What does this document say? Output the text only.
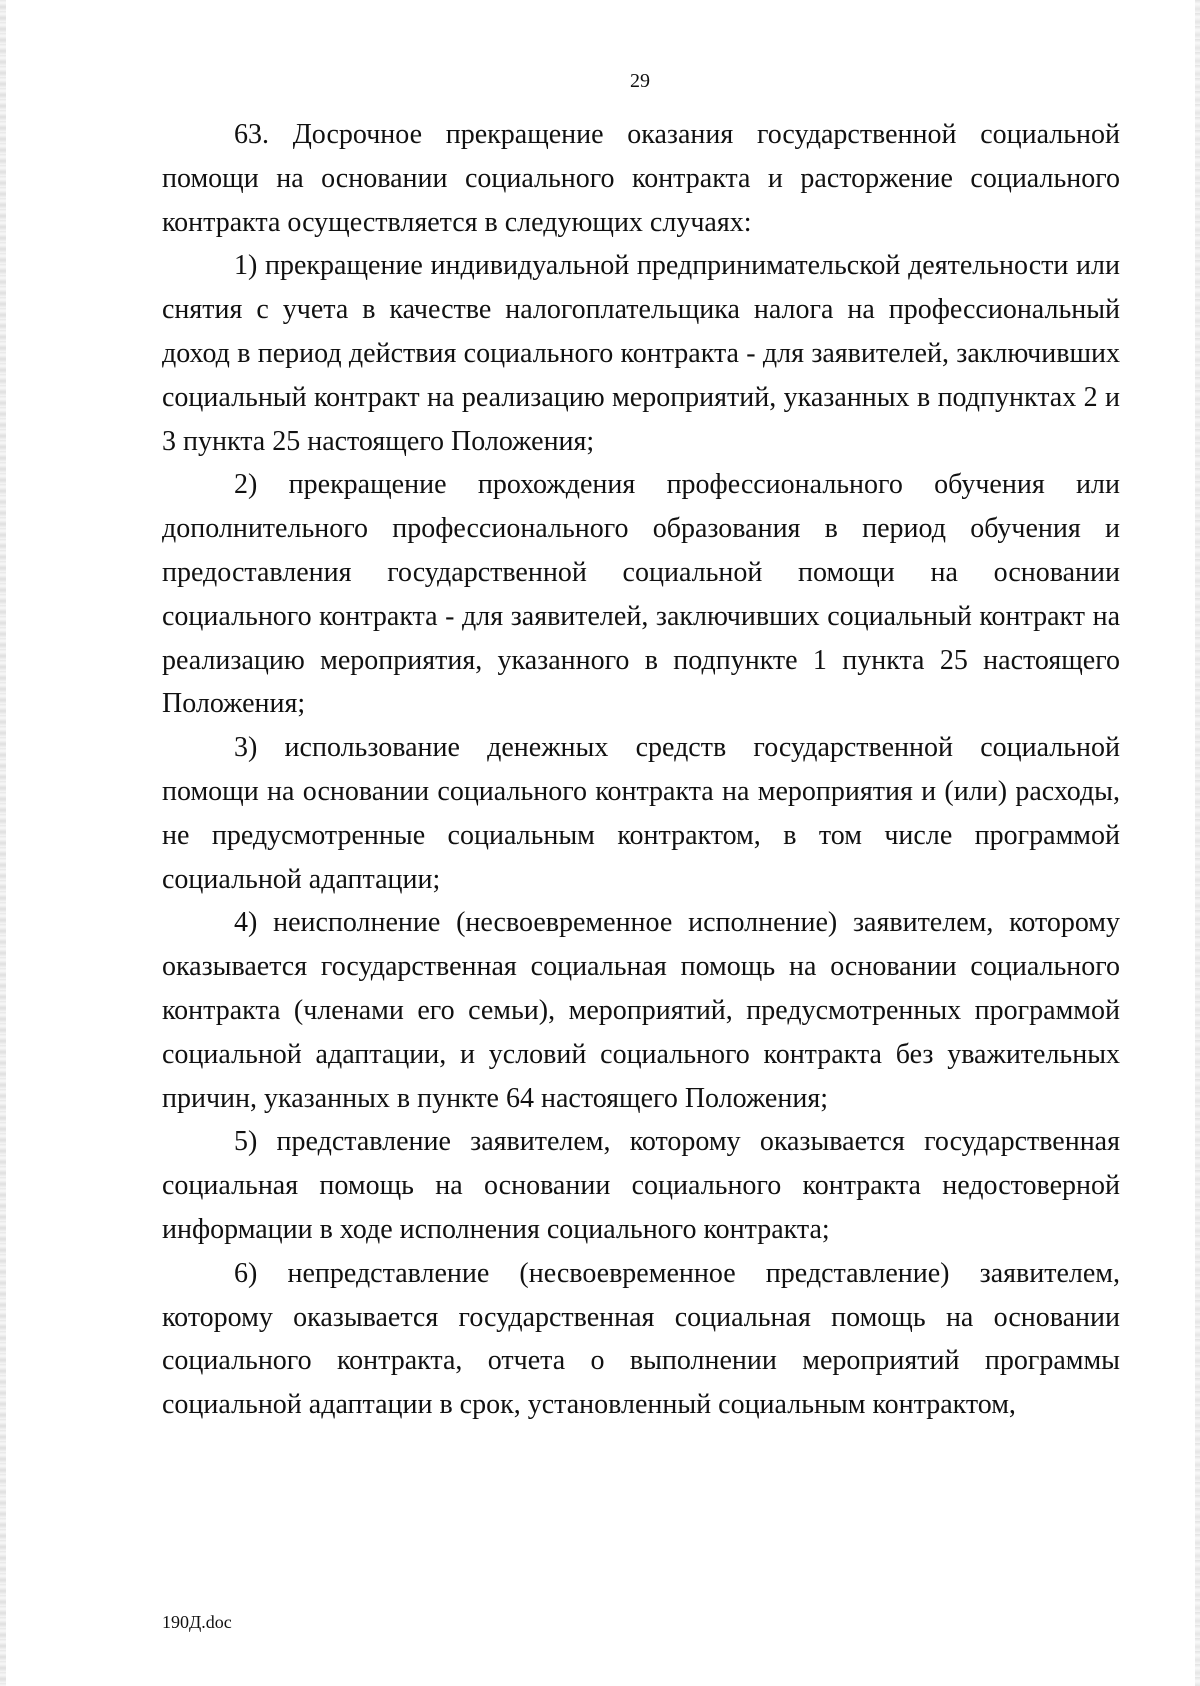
29

63. Досрочное прекращение оказания государственной социальной помощи на основании социального контракта и расторжение социального контракта осуществляется в следующих случаях:

1) прекращение индивидуальной предпринимательской деятельности или снятия с учета в качестве налогоплательщика налога на профессиональный доход в период действия социального контракта - для заявителей, заключивших социальный контракт на реализацию мероприятий, указанных в подпунктах 2 и 3 пункта 25 настоящего Положения;

2) прекращение прохождения профессионального обучения или дополнительного профессионального образования в период обучения и предоставления государственной социальной помощи на основании социального контракта - для заявителей, заключивших социальный контракт на реализацию мероприятия, указанного в подпункте 1 пункта 25 настоящего Положения;

3) использование денежных средств государственной социальной помощи на основании социального контракта на мероприятия и (или) расходы, не предусмотренные социальным контрактом, в том числе программой социальной адаптации;

4) неисполнение (несвоевременное исполнение) заявителем, которому оказывается государственная социальная помощь на основании социального контракта (членами его семьи), мероприятий, предусмотренных программой социальной адаптации, и условий социального контракта без уважительных причин, указанных в пункте 64 настоящего Положения;

5) представление заявителем, которому оказывается государственная социальная помощь на основании социального контракта недостоверной информации в ходе исполнения социального контракта;

6) непредставление (несвоевременное представление) заявителем, которому оказывается государственная социальная помощь на основании социального контракта, отчета о выполнении мероприятий программы социальной адаптации в срок, установленный социальным контрактом,

190Д.doc
